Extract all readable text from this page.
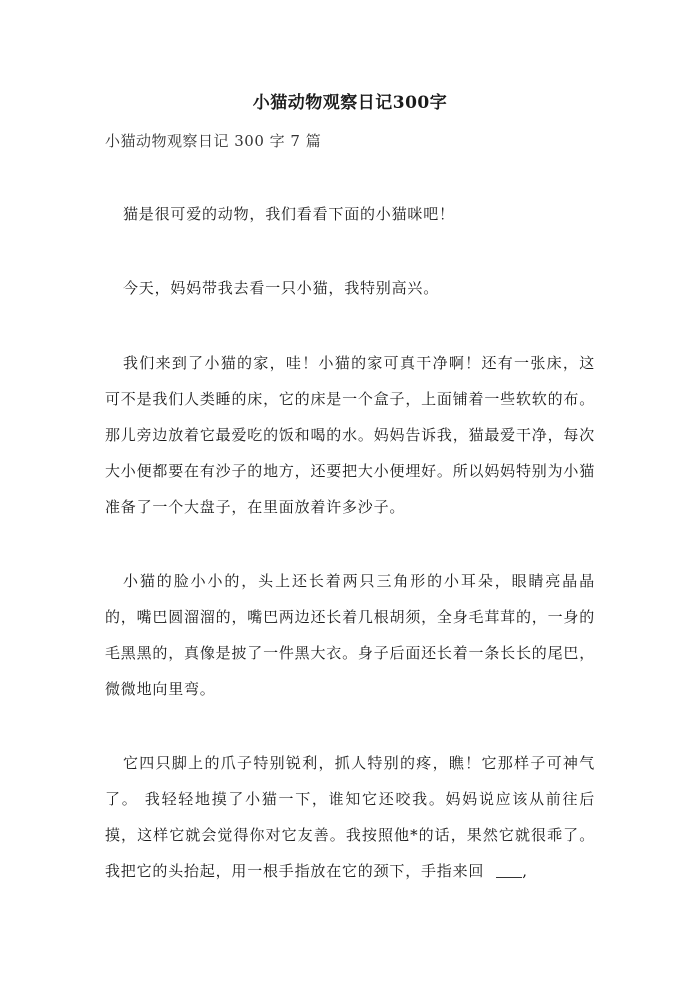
小猫动物观察日记300字
小猫动物观察日记 300 字 7 篇

猫是很可爱的动物，我们看看下面的小猫咪吧！

今天，妈妈带我去看一只小猫，我特别高兴。

我们来到了小猫的家，哇！小猫的家可真干净啊！还有一张床，这可不是我们人类睡的床，它的床是一个盒子，上面铺着一些软软的布。那儿旁边放着它最爱吃的饭和喝的水。妈妈告诉我，猫最爱干净，每次大小便都要在有沙子的地方，还要把大小便埋好。所以妈妈特别为小猫准备了一个大盘子，在里面放着许多沙子。

小猫的脸小小的，头上还长着两只三角形的小耳朵，眼睛亮晶晶的，嘴巴圆溜溜的，嘴巴两边还长着几根胡须，全身毛茸茸的，一身的毛黑黑的，真像是披了一件黑大衣。身子后面还长着一条长长的尾巴，微微地向里弯。

它四只脚上的爪子特别锐利，抓人特别的疼，瞧！它那样子可神气了。 我轻轻地摸了小猫一下，谁知它还咬我。妈妈说应该从前往后摸，这样它就会觉得你对它友善。我按照他*的话，果然它就很乖了。我把它的头抬起，用一根手指放在它的颈下，手指来回	,
